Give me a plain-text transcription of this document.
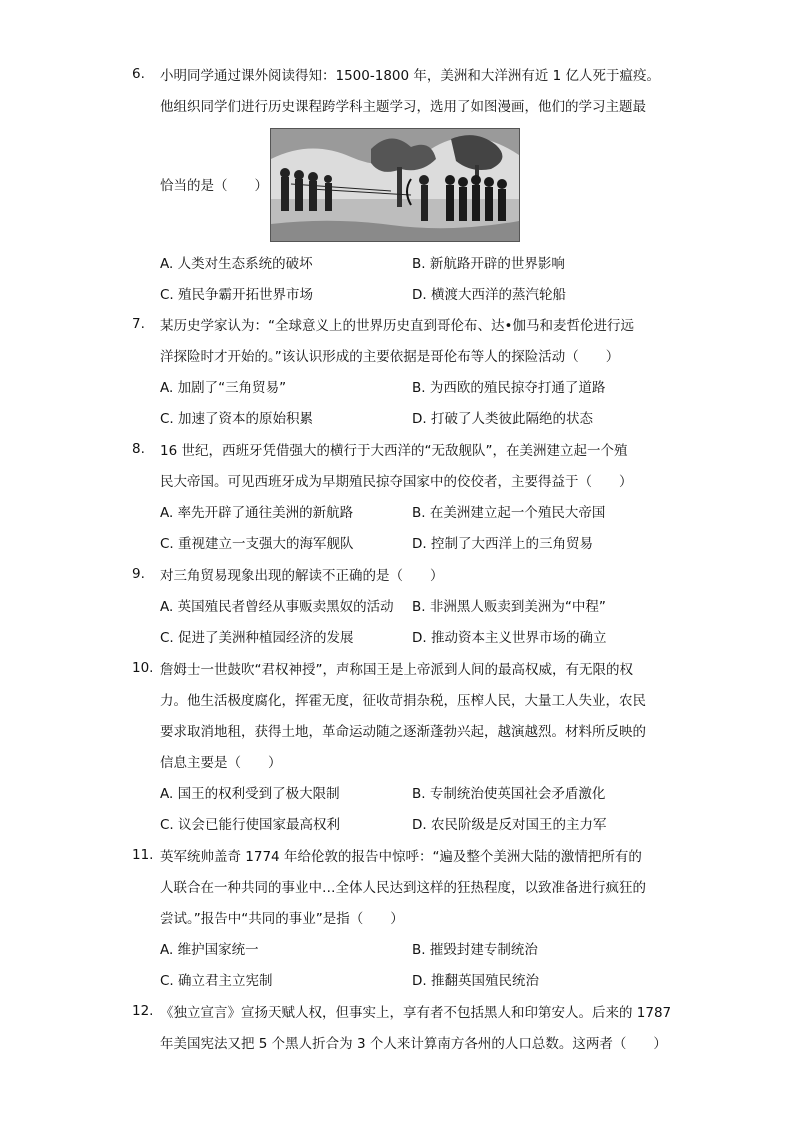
6.	小明同学通过课外阅读得知：1500-1800 年，美洲和大洋洲有近 1 亿人死于瘟疫。
他组织同学们进行历史课程跨学科主题学习，选用了如图漫画，他们的学习主题最
恰当的是（　　）
A. 人类对生态系统的破坏	B. 新航路开辟的世界影响
C. 殖民争霸开拓世界市场	D. 横渡大西洋的蒸汽轮船
7.	某历史学家认为：“全球意义上的世界历史直到哥伦布、达•伽马和麦哲伦进行远
洋探险时才开始的。”该认识形成的主要依据是哥伦布等人的探险活动（　　）
A. 加剧了“三角贸易”	B. 为西欧的殖民掠夺打通了道路
C. 加速了资本的原始积累	D. 打破了人类彼此隔绝的状态
8.	16 世纪，西班牙凭借强大的横行于大西洋的“无敌舰队”，在美洲建立起一个殖
民大帝国。可见西班牙成为早期殖民掠夺国家中的佼佼者，主要得益于（　　）
A. 率先开辟了通往美洲的新航路	B. 在美洲建立起一个殖民大帝国
C. 重视建立一支强大的海军舰队	D. 控制了大西洋上的三角贸易
9.	对三角贸易现象出现的解读不正确的是（　　）
A. 英国殖民者曾经从事贩卖黑奴的活动 B. 非洲黑人贩卖到美洲为“中程”
C. 促进了美洲种植园经济的发展	D. 推动资本主义世界市场的确立
10. 詹姆士一世鼓吹“君权神授”，声称国王是上帝派到人间的最高权威，有无限的权
力。他生活极度腐化，挥霍无度，征收苛捐杂税，压榨人民，大量工人失业，农民
要求取消地租，获得土地，革命运动随之逐渐蓬勃兴起，越演越烈。材料所反映的
信息主要是（　　）
A. 国王的权利受到了极大限制	B. 专制统治使英国社会矛盾激化
C. 议会已能行使国家最高权利	D. 农民阶级是反对国王的主力军
11. 英军统帅盖奇 1774 年给伦敦的报告中惊呼：“遍及整个美洲大陆的激情把所有的
人联合在一种共同的事业中…全体人民达到这样的狂热程度，以致准备进行疯狂的
尝试。”报告中“共同的事业”是指（　　）
A. 维护国家统一	B. 摧毁封建专制统治
C. 确立君主立宪制	D. 推翻英国殖民统治
12. 《独立宣言》宣扬天赋人权，但事实上，享有者不包括黑人和印第安人。后来的 1787
年美国宪法又把 5 个黑人折合为 3 个人来计算南方各州的人口总数。这两者（　　）
